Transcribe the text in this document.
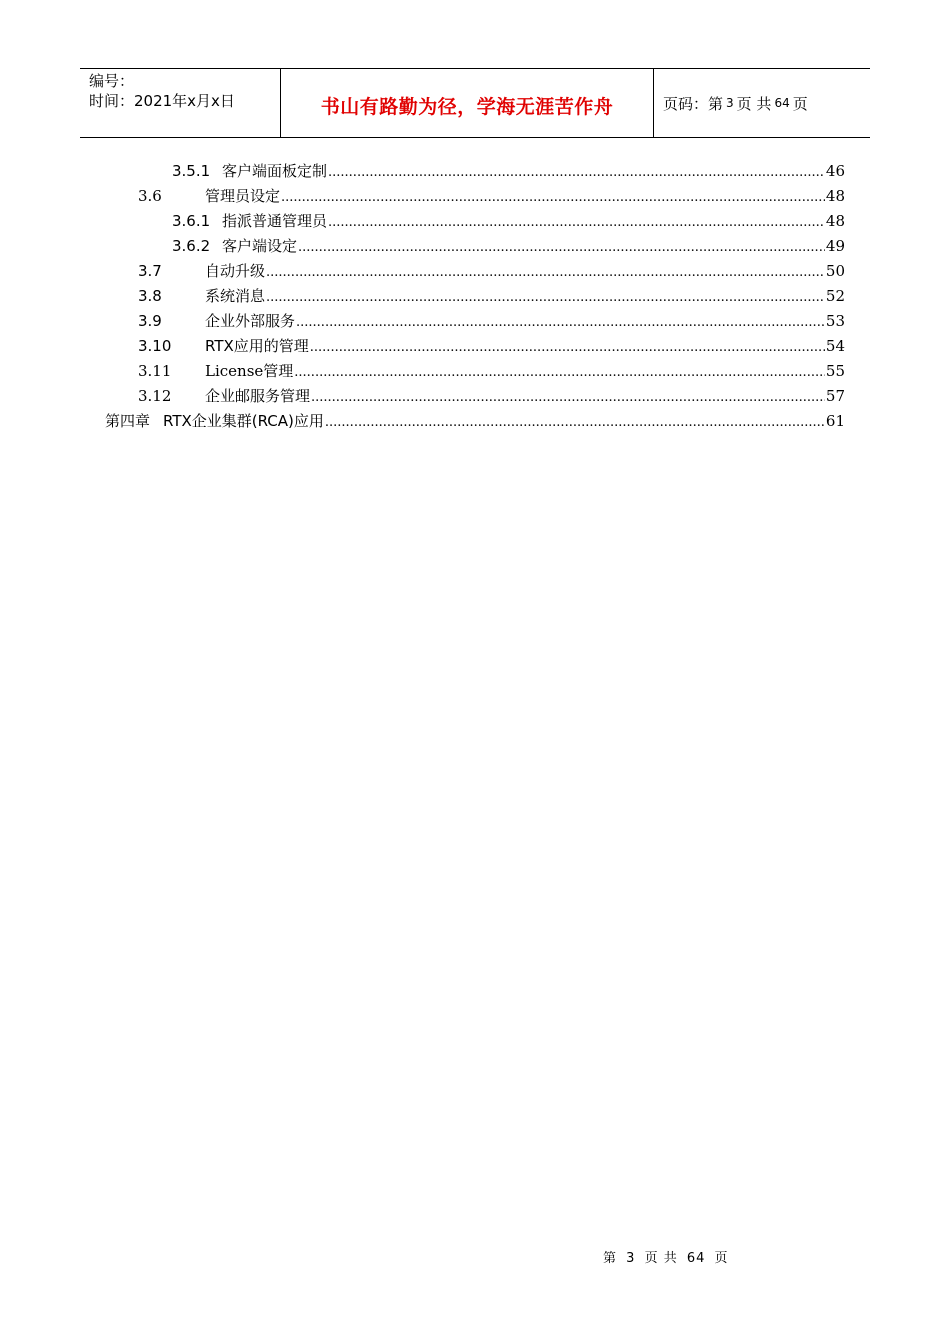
编号：
时间：2021年x月x日	书山有路勤为径，学海无涯苦作舟	页码：第 3 页 共 64 页
3.5.1 客户端面板定制 .....	46
3.6	管理员设定 .....	48
3.6.1 指派普通管理员 .....	48
3.6.2 客户端设定 .....	49
3.7	自动升级 .....	50
3.8	系统消息 .....	52
3.9	企业外部服务 .....	53
3.10	RTX应用的管理 .....	54
3.11	License管理 .....	55
3.12	企业邮服务管理 .....	57
第四章 RTX企业集群(RCA)应用 .....	61
第 3 页 共 64 页
